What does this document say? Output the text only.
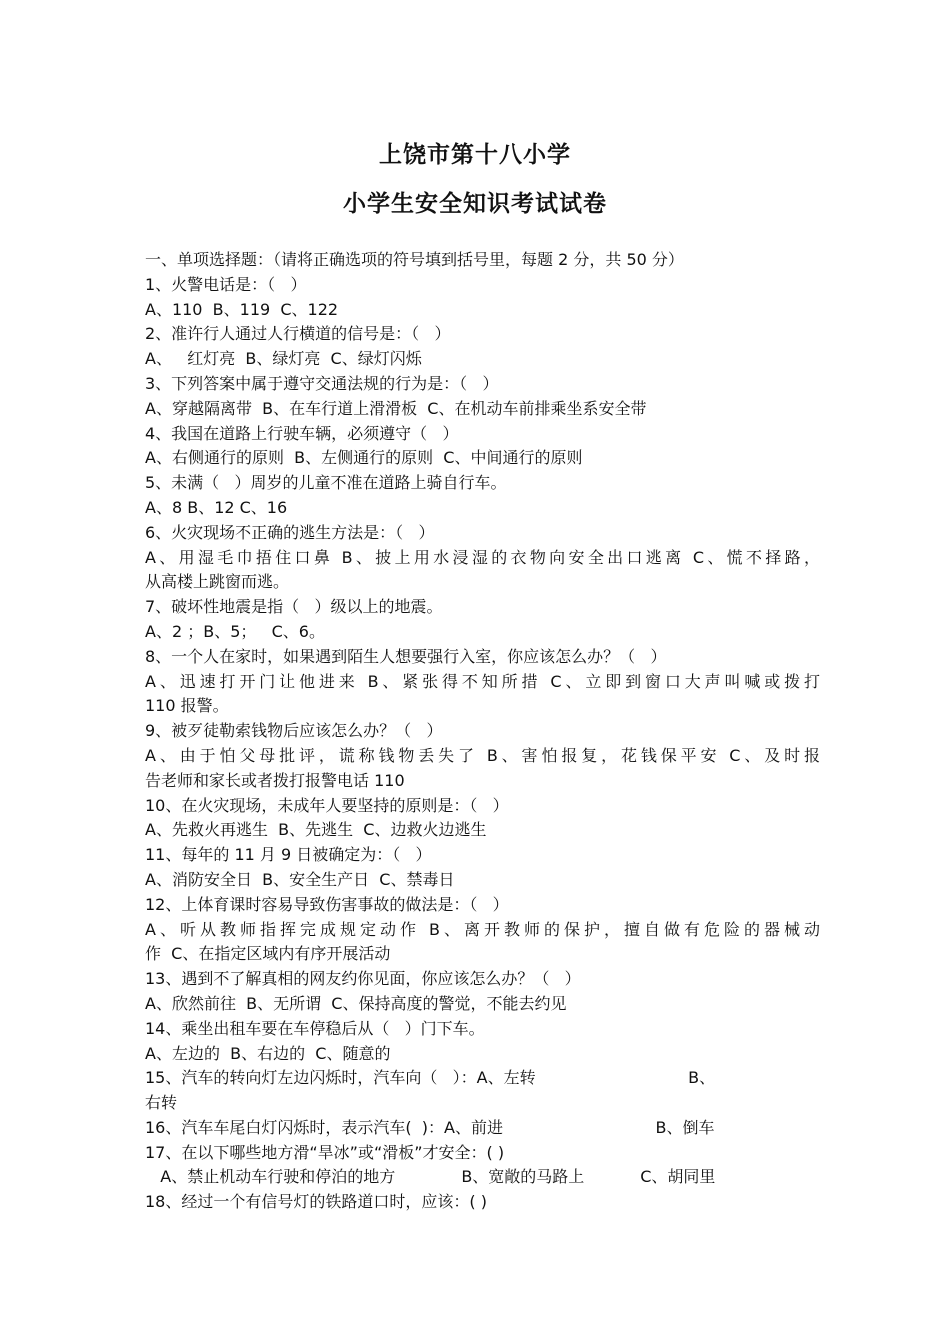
上饶市第十八小学
小学生安全知识考试试卷
一、单项选择题：（请将正确选项的符号填到括号里，每题 2 分，共 50 分）
1、火警电话是：（   ）
A、110  B、119  C、122
2、准许行人通过人行横道的信号是：（   ）
A、   红灯亮  B、绿灯亮  C、绿灯闪烁
3、下列答案中属于遵守交通法规的行为是：（   ）
A、穿越隔离带  B、在车行道上滑滑板  C、在机动车前排乘坐系安全带
4、我国在道路上行驶车辆，必须遵守（   ）
A、右侧通行的原则  B、左侧通行的原则  C、中间通行的原则
5、未满（   ）周岁的儿童不准在道路上骑自行车。
A、8 B、12 C、16
6、火灾现场不正确的逃生方法是：（   ）
A、用湿毛巾捂住口鼻 B、披上用水浸湿的衣物向安全出口逃离 C、慌不择路，
从高楼上跳窗而逃。
7、破坏性地震是指（   ）级以上的地震。
A、2 ；B、5；   C、6。
8、一个人在家时，如果遇到陌生人想要强行入室，你应该怎么办？（   ）
A、迅速打开门让他进来 B、紧张得不知所措 C、立即到窗口大声叫喊或拨打
110 报警。
9、被歹徒勒索钱物后应该怎么办？（   ）
A、由于怕父母批评，谎称钱物丢失了 B、害怕报复，花钱保平安 C、及时报
告老师和家长或者拨打报警电话 110
10、在火灾现场，未成年人要坚持的原则是：（   ）
A、先救火再逃生  B、先逃生  C、边救火边逃生
11、每年的 11 月 9 日被确定为：（   ）
A、消防安全日  B、安全生产日  C、禁毒日
12、上体育课时容易导致伤害事故的做法是：（   ）
A、听从教师指挥完成规定动作 B、离开教师的保护，擅自做有危险的器械动
作  C、在指定区域内有序开展活动
13、遇到不了解真相的网友约你见面，你应该怎么办？（   ）
A、欣然前往  B、无所谓  C、保持高度的警觉，不能去约见
14、乘坐出租车要在车停稳后从（   ）门下车。
A、左边的  B、右边的  C、随意的
15、汽车的转向灯左边闪烁时，汽车向（   ）：A、左转                              B、
右转
16、汽车车尾白灯闪烁时，表示汽车(  )：A、前进                              B、倒车
17、在以下哪些地方滑“旱冰”或“滑板”才安全：( )
A、禁止机动车行驶和停泊的地方             B、宽敞的马路上           C、胡同里
18、经过一个有信号灯的铁路道口时，应该：( )
